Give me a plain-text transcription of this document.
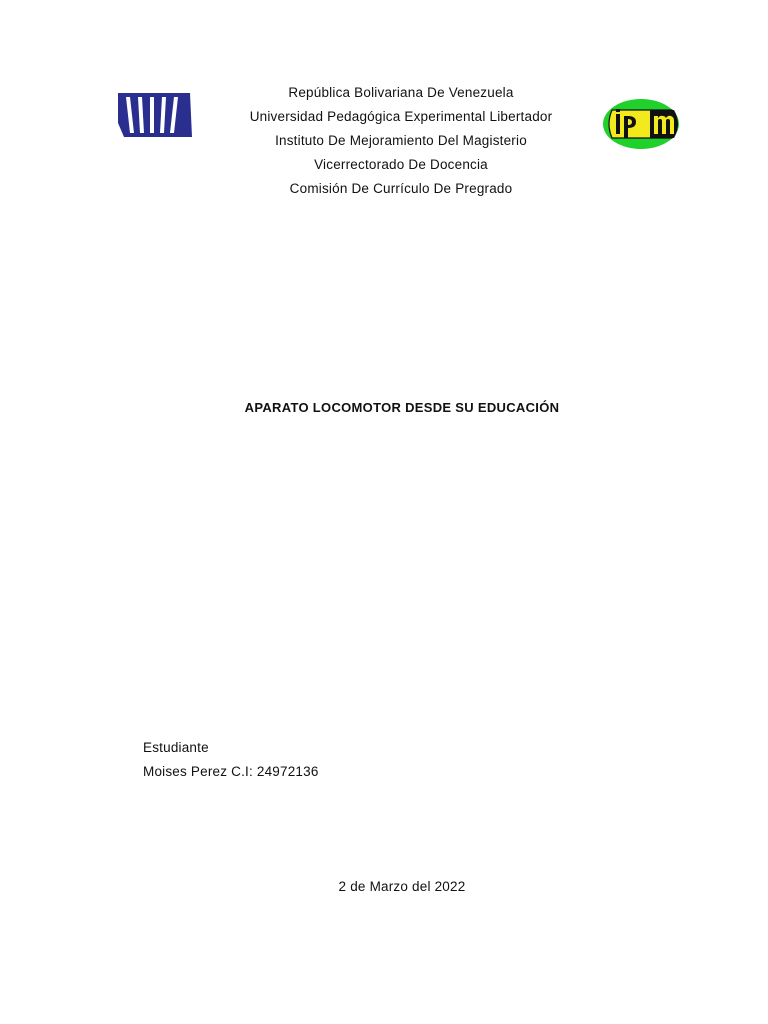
República Bolivariana De Venezuela
Universidad Pedagógica Experimental Libertador
Instituto De Mejoramiento Del Magisterio
Vicerrectorado De Docencia
Comisión De Currículo De Pregrado
APARATO LOCOMOTOR DESDE SU EDUCACIÓN
Estudiante
Moises Perez C.I: 24972136
2 de Marzo del 2022
